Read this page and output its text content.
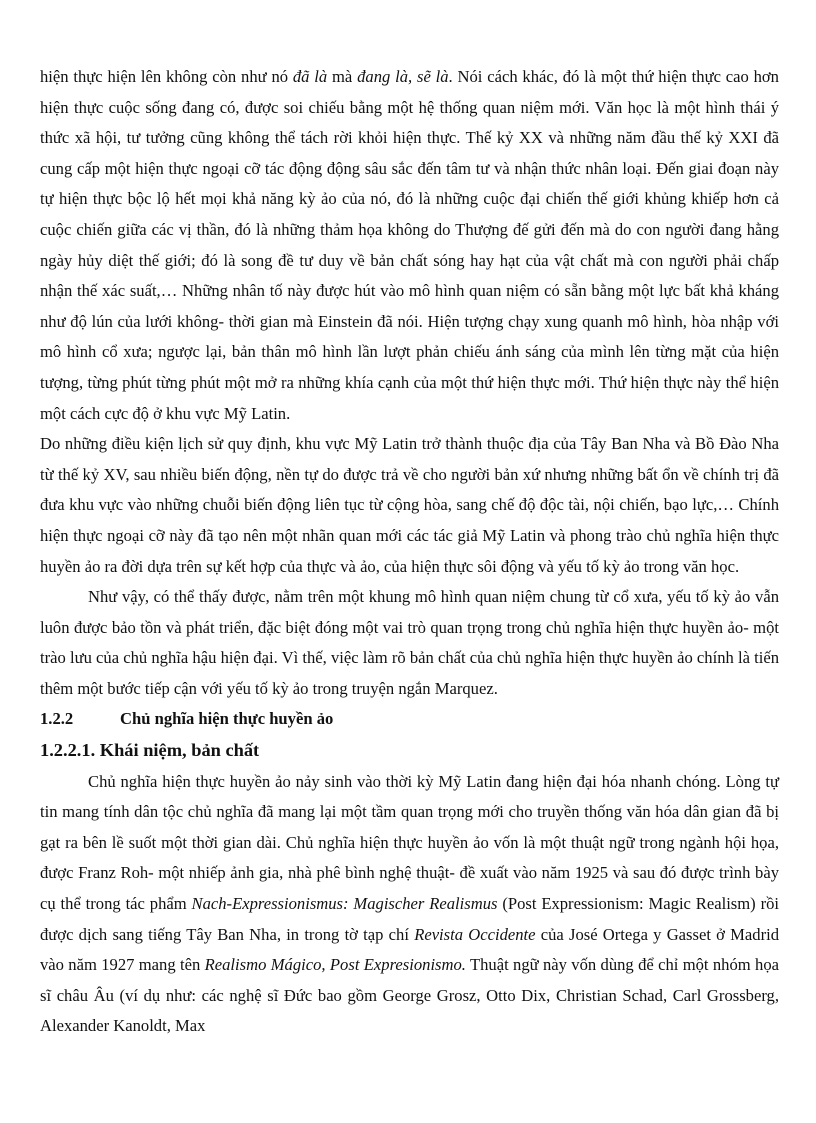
hiện thực hiện lên không còn như nó đã là mà đang là, sẽ là. Nói cách khác, đó là một thứ hiện thực cao hơn hiện thực cuộc sống đang có, được soi chiếu bằng một hệ thống quan niệm mới. Văn học là một hình thái ý thức xã hội, tư tưởng cũng không thể tách rời khỏi hiện thực. Thế kỷ XX và những năm đầu thế kỷ XXI đã cung cấp một hiện thực ngoại cỡ tác động động sâu sắc đến tâm tư và nhận thức nhân loại. Đến giai đoạn này tự hiện thực bộc lộ hết mọi khả năng kỳ ảo của nó, đó là những cuộc đại chiến thế giới khủng khiếp hơn cả cuộc chiến giữa các vị thần, đó là những thảm họa không do Thượng đế gửi đến mà do con người đang hằng ngày hủy diệt thế giới; đó là song đề tư duy về bản chất sóng hay hạt của vật chất mà con người phải chấp nhận thế xác suất,… Những nhân tố này được hút vào mô hình quan niệm có sẵn bằng một lực bất khả kháng như độ lún của lưới không- thời gian mà Einstein đã nói. Hiện tượng chạy xung quanh mô hình, hòa nhập với mô hình cổ xưa; ngược lại, bản thân mô hình lần lượt phản chiếu ánh sáng của mình lên từng mặt của hiện tượng, từng phút từng phút một mở ra những khía cạnh của một thứ hiện thực mới. Thứ hiện thực này thể hiện một cách cực độ ở khu vực Mỹ Latin.

Do những điều kiện lịch sử quy định, khu vực Mỹ Latin trở thành thuộc địa của Tây Ban Nha và Bồ Đào Nha từ thế kỷ XV, sau nhiều biến động, nền tự do được trả về cho người bản xứ nhưng những bất ổn về chính trị đã đưa khu vực vào những chuỗi biến động liên tục từ cộng hòa, sang chế độ độc tài, nội chiến, bạo lực,… Chính hiện thực ngoại cỡ này đã tạo nên một nhãn quan mới các tác giả Mỹ Latin và phong trào chủ nghĩa hiện thực huyền ảo ra đời dựa trên sự kết hợp của thực và ảo, của hiện thực sôi động và yếu tố kỳ ảo trong văn học.

Như vậy, có thể thấy được, nằm trên một khung mô hình quan niệm chung từ cổ xưa, yếu tố kỳ ảo vẫn luôn được bảo tồn và phát triển, đặc biệt đóng một vai trò quan trọng trong chủ nghĩa hiện thực huyền ảo- một trào lưu của chủ nghĩa hậu hiện đại. Vì thế, việc làm rõ bản chất của chủ nghĩa hiện thực huyền ảo chính là tiến thêm một bước tiếp cận với yếu tố kỳ ảo trong truyện ngắn Marquez.

1.2.2	Chủ nghĩa hiện thực huyền ảo
1.2.2.1. Khái niệm, bản chất

Chủ nghĩa hiện thực huyền ảo nảy sinh vào thời kỳ Mỹ Latin đang hiện đại hóa nhanh chóng. Lòng tự tin mang tính dân tộc chủ nghĩa đã mang lại một tầm quan trọng mới cho truyền thống văn hóa dân gian đã bị gạt ra bên lề suốt một thời gian dài. Chủ nghĩa hiện thực huyền ảo vốn là một thuật ngữ trong ngành hội họa, được Franz Roh- một nhiếp ảnh gia, nhà phê bình nghệ thuật- đề xuất vào năm 1925 và sau đó được trình bày cụ thể trong tác phẩm Nach-Expressionismus: Magischer Realismus (Post Expressionism: Magic Realism) rồi được dịch sang tiếng Tây Ban Nha, in trong tờ tạp chí Revista Occidente của José Ortega y Gasset ở Madrid vào năm 1927 mang tên Realismo Mágico, Post Expresionismo. Thuật ngữ này vốn dùng để chỉ một nhóm họa sĩ châu Âu (ví dụ như: các nghệ sĩ Đức bao gồm George Grosz, Otto Dix, Christian Schad, Carl Grossberg, Alexander Kanoldt, Max
